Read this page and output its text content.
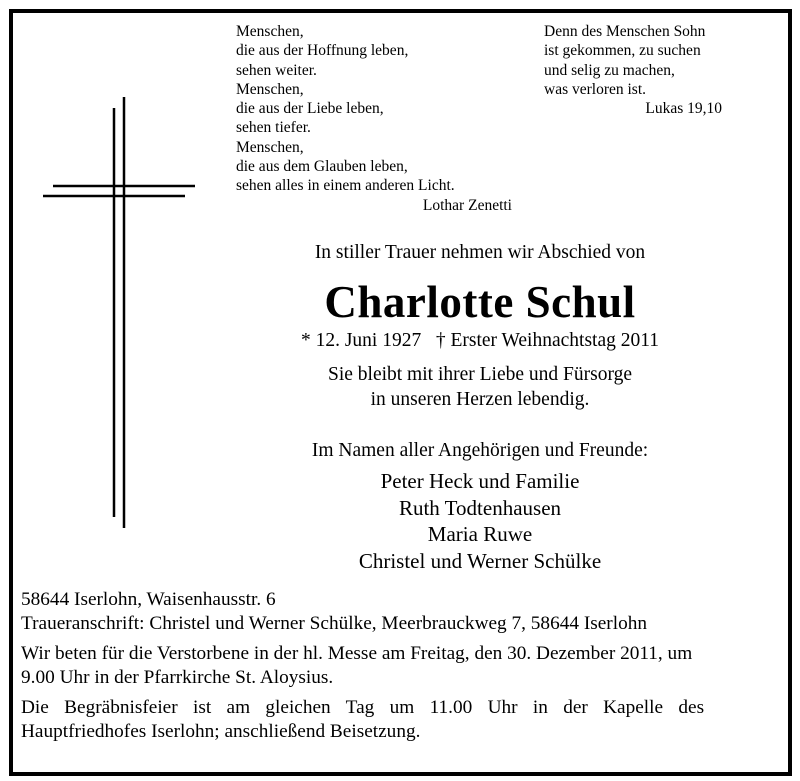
Menschen,
die aus der Hoffnung leben,
sehen weiter.
Menschen,
die aus der Liebe leben,
sehen tiefer.
Menschen,
die aus dem Glauben leben,
sehen alles in einem anderen Licht.
Lothar Zenetti
Denn des Menschen Sohn
ist gekommen, zu suchen
und selig zu machen,
was verloren ist.
Lukas 19,10
In stiller Trauer nehmen wir Abschied von
Charlotte Schul
* 12. Juni 1927   † Erster Weihnachtstag 2011
Sie bleibt mit ihrer Liebe und Fürsorge
in unseren Herzen lebendig.
Im Namen aller Angehörigen und Freunde:
Peter Heck und Familie
Ruth Todtenhausen
Maria Ruwe
Christel und Werner Schülke

58644 Iserlohn, Waisenhausstr. 6

Traueranschrift: Christel und Werner Schülke, Meerbrauckweg 7, 58644 Iserlohn

Wir beten für die Verstorbene in der hl. Messe am Freitag, den 30. Dezember 2011, um
9.00 Uhr in der Pfarrkirche St. Aloysius.

Die Begräbnisfeier ist am gleichen Tag um 11.00 Uhr in der Kapelle des
Hauptfriedhofes Iserlohn; anschließend Beisetzung.
